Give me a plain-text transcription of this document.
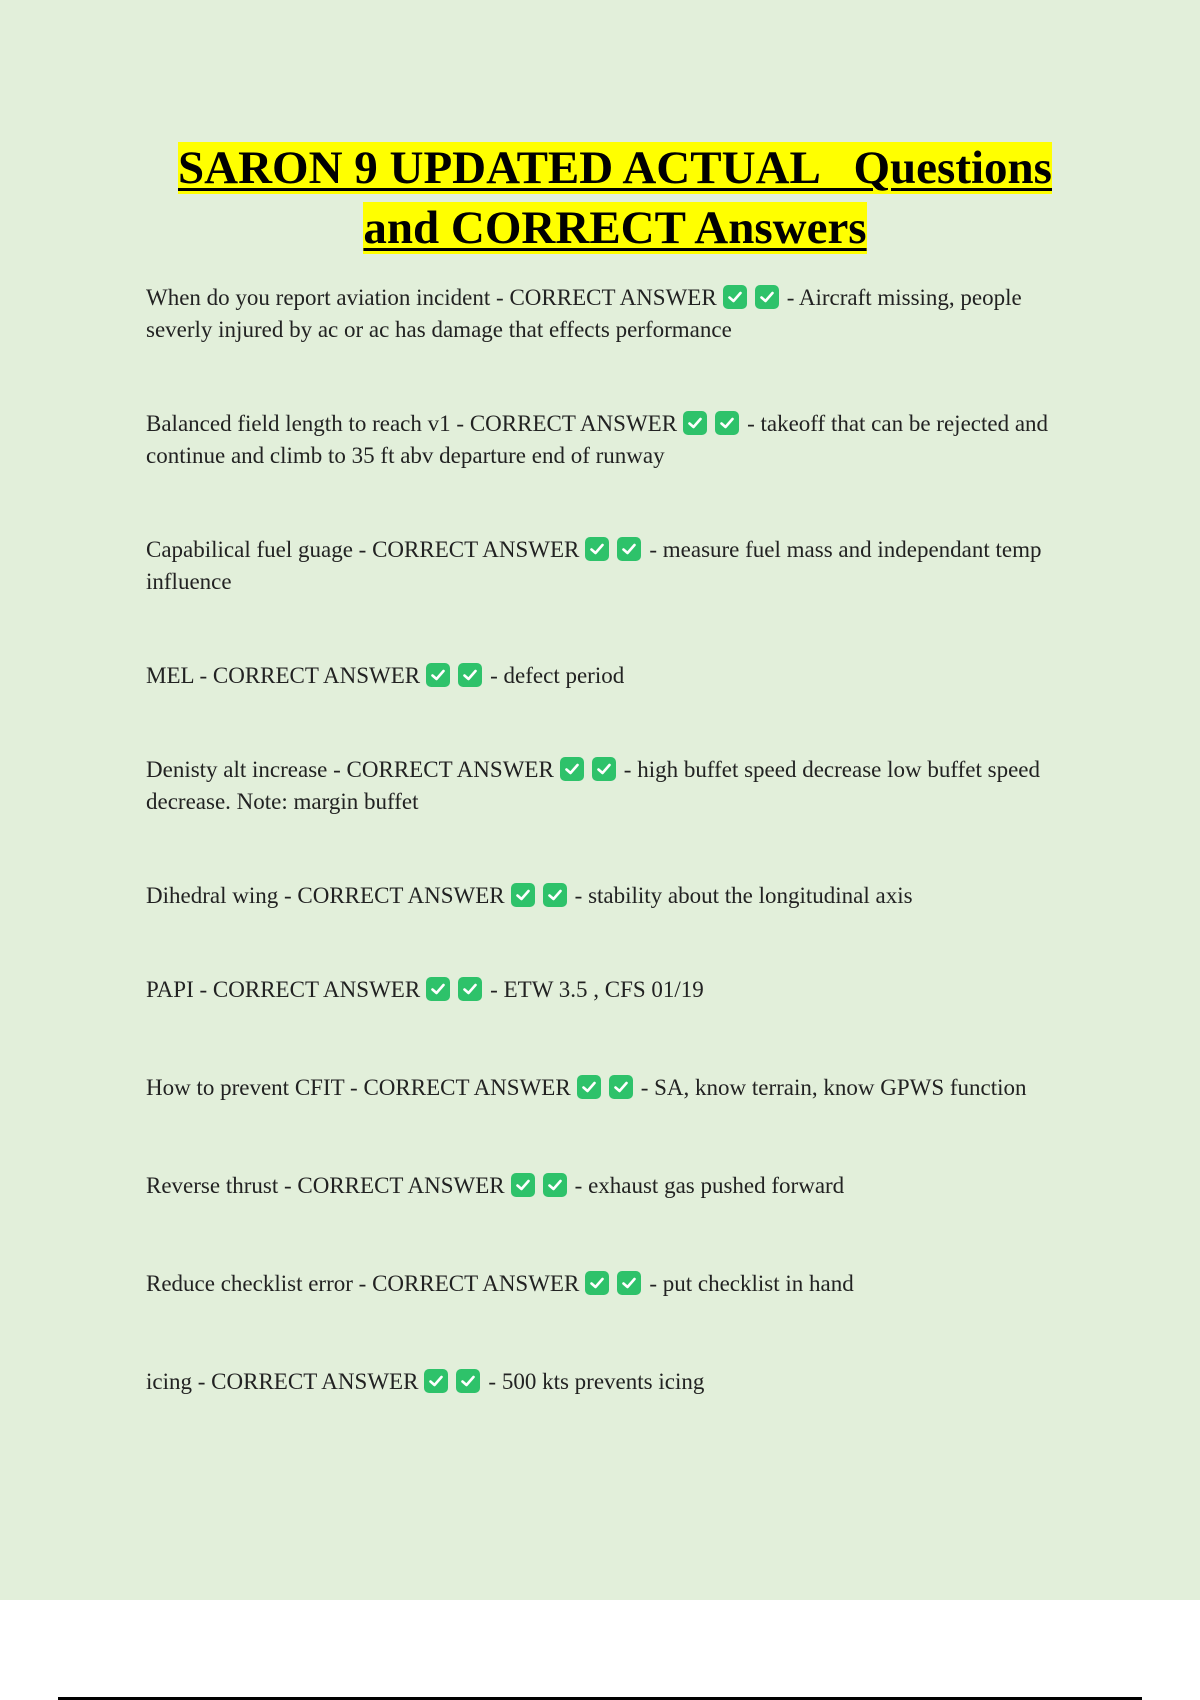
SARON 9 UPDATED ACTUAL   Questions
and CORRECT Answers

When do you report aviation incident - CORRECT ANSWER	- Aircraft missing, people severly injured by ac or ac has damage that effects performance

Balanced field length to reach v1 - CORRECT ANSWER	- takeoff that can be rejected and continue and climb to 35 ft abv departure end of runway

Capabilical fuel guage - CORRECT ANSWER	- measure fuel mass and independant temp influence

MEL - CORRECT ANSWER	- defect period

Denisty alt increase - CORRECT ANSWER	- high buffet speed decrease low buffet speed decrease. Note: margin buffet

Dihedral wing - CORRECT ANSWER	- stability about the longitudinal axis

PAPI - CORRECT ANSWER	- ETW 3.5 , CFS 01/19

How to prevent CFIT - CORRECT ANSWER	- SA, know terrain, know GPWS function

Reverse thrust - CORRECT ANSWER	- exhaust gas pushed forward

Reduce checklist error - CORRECT ANSWER	- put checklist in hand

icing - CORRECT ANSWER	- 500 kts prevents icing
